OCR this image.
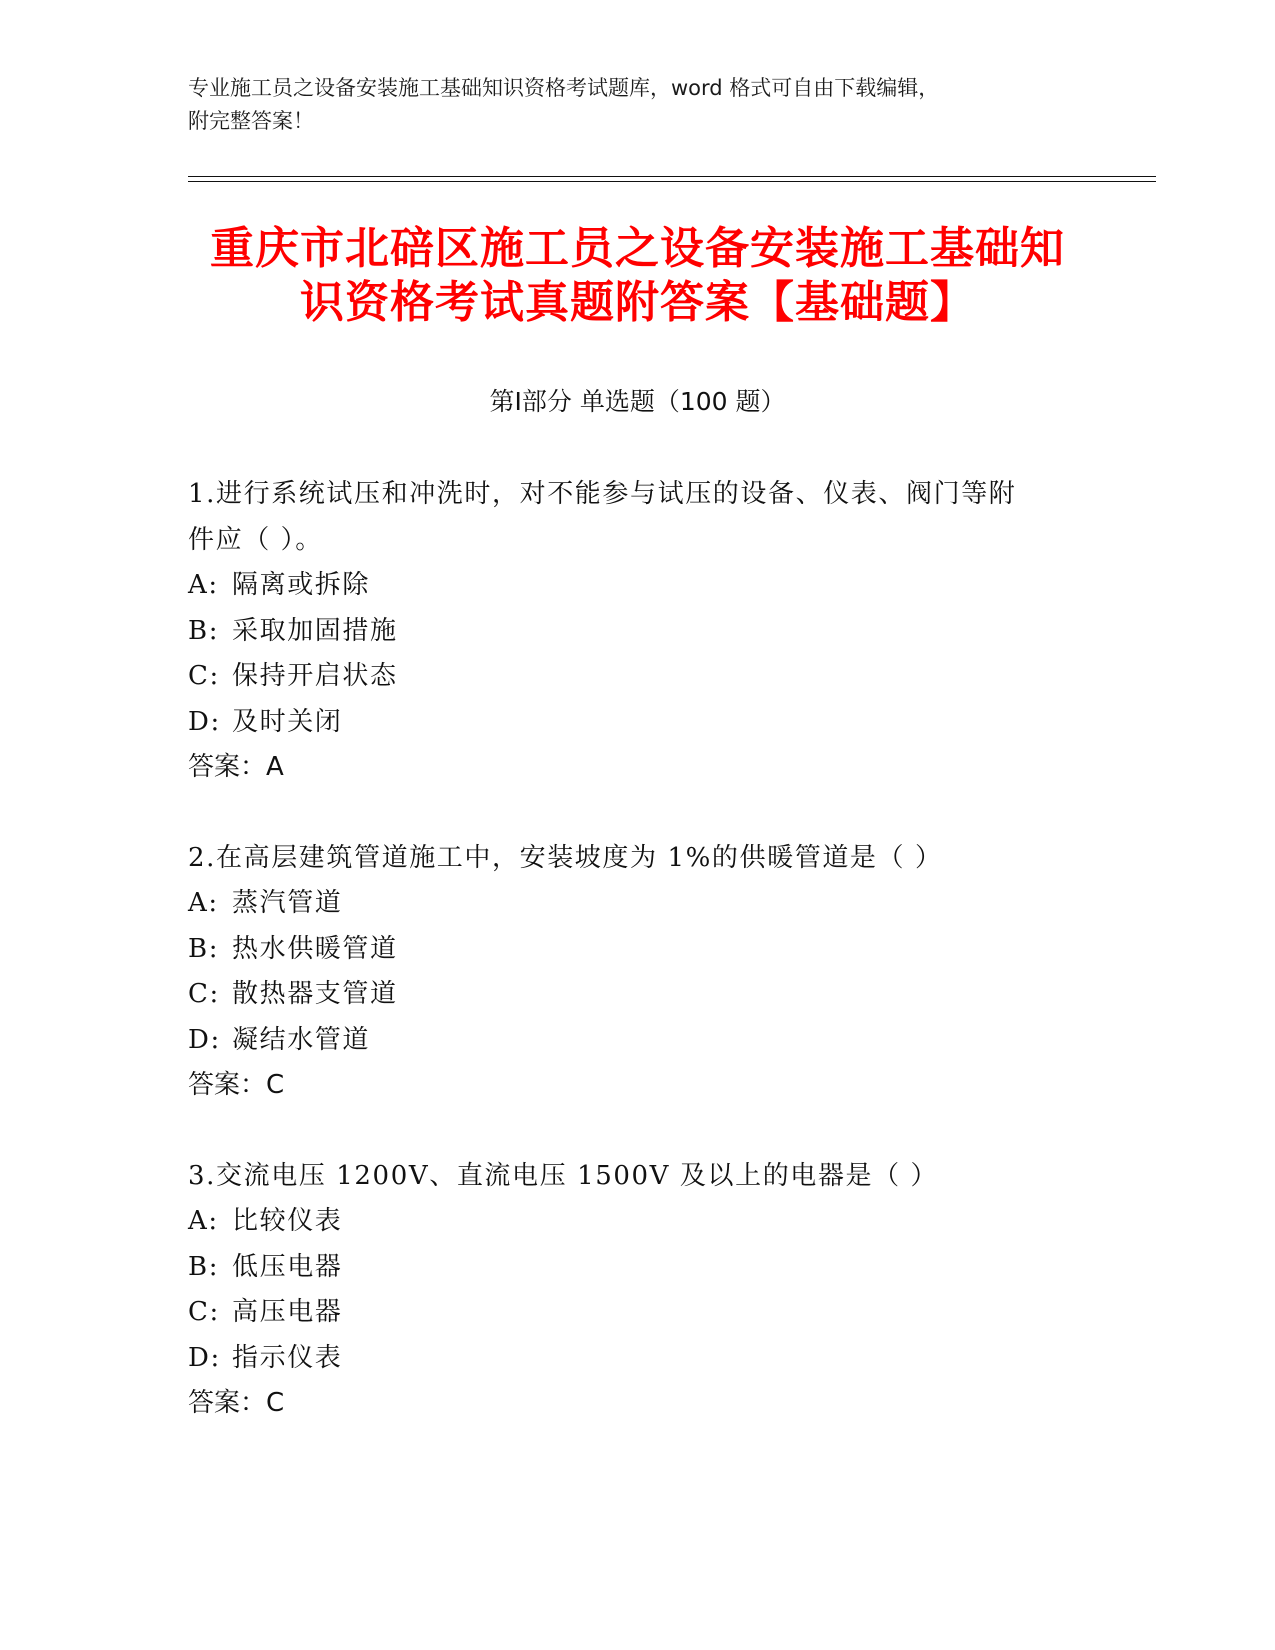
专业施工员之设备安装施工基础知识资格考试题库，word 格式可自由下载编辑，
附完整答案！
重庆市北碚区施工员之设备安装施工基础知
识资格考试真题附答案【基础题】
第Ⅰ部分 单选题（100 题）
1.进行系统试压和冲洗时，对不能参与试压的设备、仪表、阀门等附
件应（ ）。
A: 隔离或拆除
B: 采取加固措施
C: 保持开启状态
D: 及时关闭
答案：A
2.在高层建筑管道施工中，安装坡度为 1%的供暖管道是（ ）
A: 蒸汽管道
B: 热水供暖管道
C: 散热器支管道
D: 凝结水管道
答案：C
3.交流电压 1200V、直流电压 1500V 及以上的电器是（ ）
A: 比较仪表
B: 低压电器
C: 高压电器
D: 指示仪表
答案：C
